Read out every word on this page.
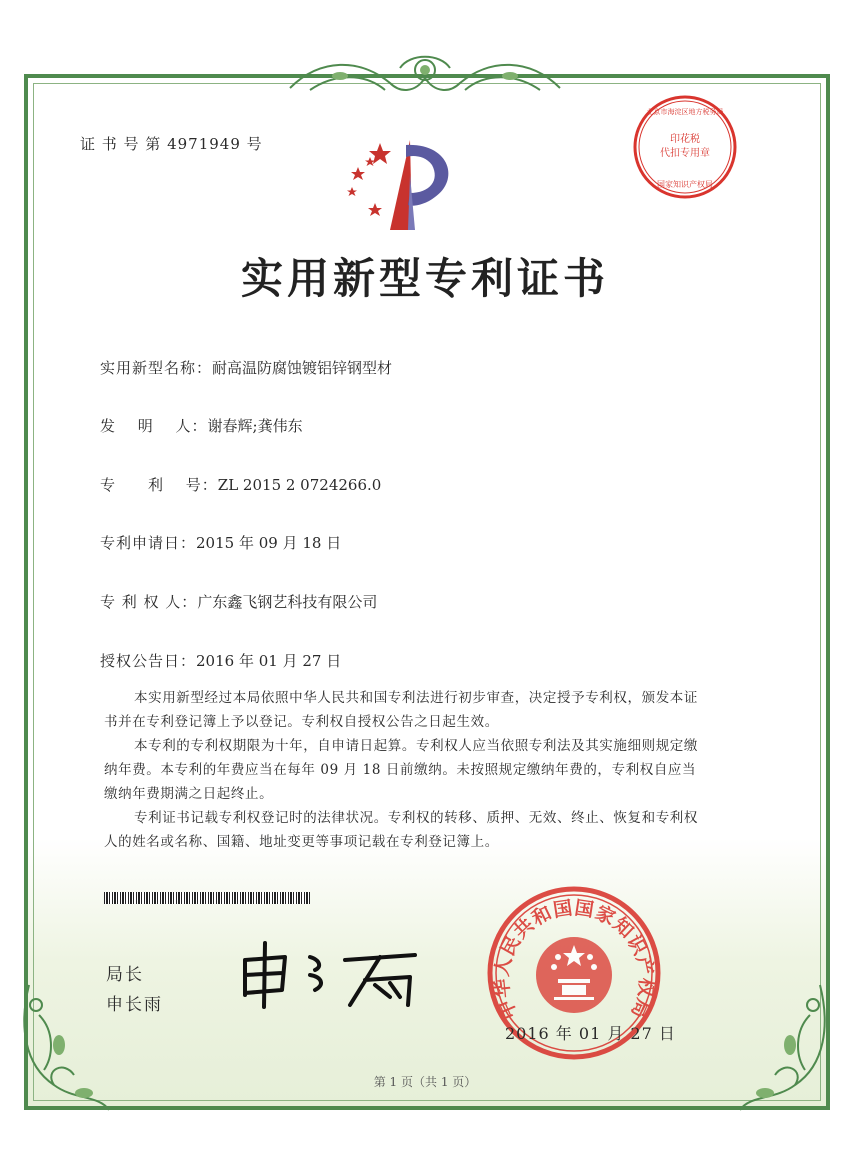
证 书 号 第 4971949 号	印花税
代扣专用章
北京市海淀区地方税务局
国家知识产权局
实用新型专利证书
实用新型名称：耐高温防腐蚀镀铝锌钢型材
发　 明　 人：谢春辉;龚伟东
专　　利　 号：ZL 2015 2 0724266.0
专利申请日：2015 年 09 月 18 日
专 利 权 人：广东鑫飞钢艺科技有限公司
授权公告日：2016 年 01 月 27 日

本实用新型经过本局依照中华人民共和国专利法进行初步审查，决定授予专利权，颁发本证书并在专利登记簿上予以登记。专利权自授权公告之日起生效。

本专利的专利权期限为十年，自申请日起算。专利权人应当依照专利法及其实施细则规定缴纳年费。本专利的年费应当在每年 09 月 18 日前缴纳。未按照规定缴纳年费的，专利权自应当缴纳年费期满之日起终止。

专利证书记载专利权登记时的法律状况。专利权的转移、质押、无效、终止、恢复和专利权人的姓名或名称、国籍、地址变更等事项记载在专利登记簿上。

局长
申长雨	中华人民共和国国家知识产权局
2016 年 01 月 27 日
第 1 页（共 1 页）
